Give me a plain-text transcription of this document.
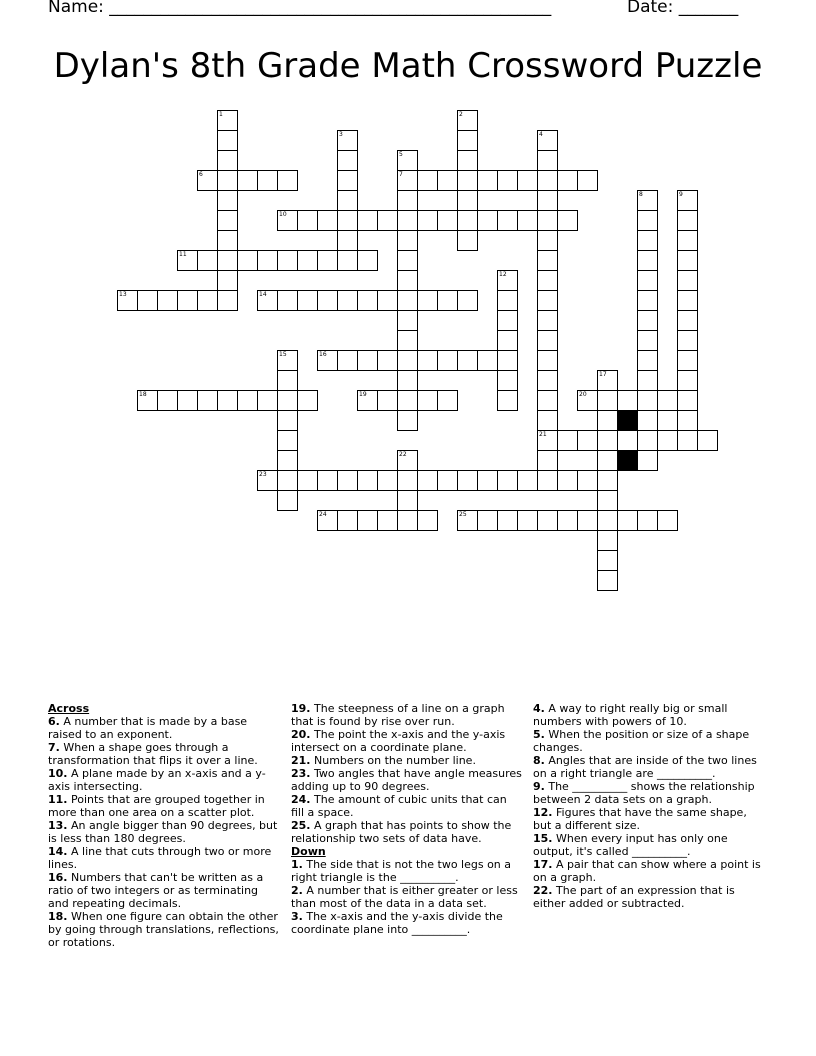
Name: ____________________________________________________	Date: _______
Dylan's 8th Grade Math Crossword Puzzle
6	7
10
11
13	14
16
18	19	20
21
23
24	25
1	2
3	4
5
8	9
12
15
17
22
Across
6. A number that is made by a base raised to an exponent.
7. When a shape goes through a transformation that flips it over a line.
10. A plane made by an x-axis and a y-axis intersecting.
11. Points that are grouped together in more than one area on a scatter plot.
13. An angle bigger than 90 degrees, but is less than 180 degrees.
14. A line that cuts through two or more lines.
16. Numbers that can't be written as a ratio of two integers or as terminating and repeating decimals.
18. When one figure can obtain the other by going through translations, reflections, or rotations.
19. The steepness of a line on a graph that is found by rise over run.
20. The point the x-axis and the y-axis intersect on a coordinate plane.
21. Numbers on the number line.
23. Two angles that have angle measures adding up to 90 degrees.
24. The amount of cubic units that can fill a space.
25. A graph that has points to show the relationship two sets of data have.
Down
1. The side that is not the two legs on a right triangle is the __________.
2. A number that is either greater or less than most of the data in a data set.
3. The x-axis and the y-axis divide the coordinate plane into __________.
4. A way to right really big or small numbers with powers of 10.
5. When the position or size of a shape changes.
8. Angles that are inside of the two lines on a right triangle are __________.
9. The __________ shows the relationship between 2 data sets on a graph.
12. Figures that have the same shape, but a different size.
15. When every input has only one output, it's called __________.
17. A pair that can show where a point is on a graph.
22. The part of an expression that is either added or subtracted.
